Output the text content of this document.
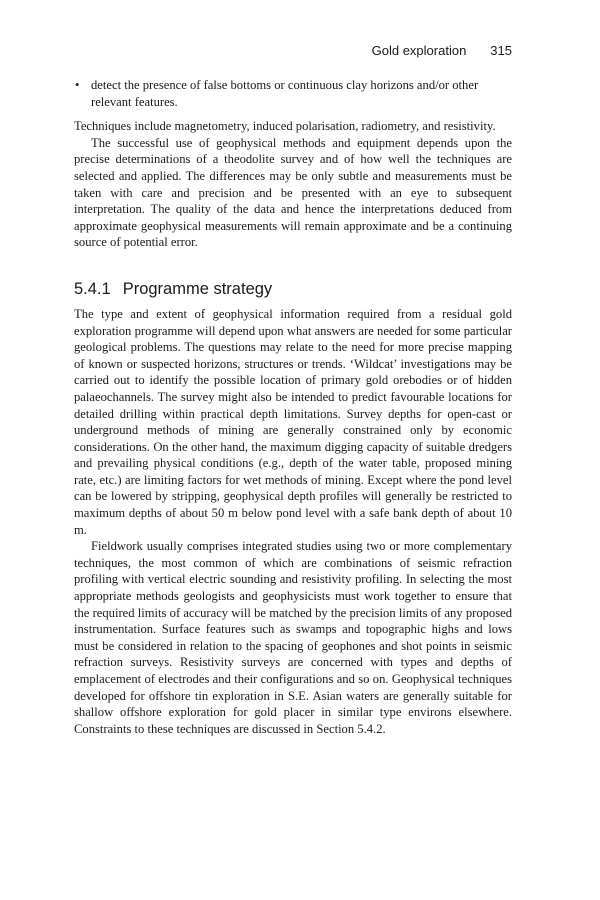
Gold exploration 315

• detect the presence of false bottoms or continuous clay horizons and/or other relevant features.

Techniques include magnetometry, induced polarisation, radiometry, and resistivity.

The successful use of geophysical methods and equipment depends upon the precise determinations of a theodolite survey and of how well the techniques are selected and applied. The differences may be only subtle and measurements must be taken with care and precision and be presented with an eye to subsequent interpretation. The quality of the data and hence the interpretations deduced from approximate geophysical measurements will remain approximate and be a continuing source of potential error.

5.4.1 Programme strategy

The type and extent of geophysical information required from a residual gold exploration programme will depend upon what answers are needed for some particular geological problems. The questions may relate to the need for more precise mapping of known or suspected horizons, structures or trends. ‘Wildcat’ investigations may be carried out to identify the possible location of primary gold orebodies or of hidden palaeochannels. The survey might also be intended to predict favourable locations for detailed drilling within practical depth limitations. Survey depths for open-cast or underground methods of mining are generally constrained only by economic considerations. On the other hand, the maximum digging capacity of suitable dredgers and prevailing physical conditions (e.g., depth of the water table, proposed mining rate, etc.) are limiting factors for wet methods of mining. Except where the pond level can be lowered by stripping, geophysical depth profiles will generally be restricted to maximum depths of about 50 m below pond level with a safe bank depth of about 10 m.

Fieldwork usually comprises integrated studies using two or more complementary techniques, the most common of which are combinations of seismic refraction profiling with vertical electric sounding and resistivity profiling. In selecting the most appropriate methods geologists and geophysicists must work together to ensure that the required limits of accuracy will be matched by the precision limits of any proposed instrumentation. Surface features such as swamps and topographic highs and lows must be considered in relation to the spacing of geophones and shot points in seismic refraction surveys. Resistivity surveys are concerned with types and depths of emplacement of electrodes and their configurations and so on. Geophysical techniques developed for offshore tin exploration in S.E. Asian waters are generally suitable for shallow offshore exploration for gold placer in similar type environs elsewhere. Constraints to these techniques are discussed in Section 5.4.2.
